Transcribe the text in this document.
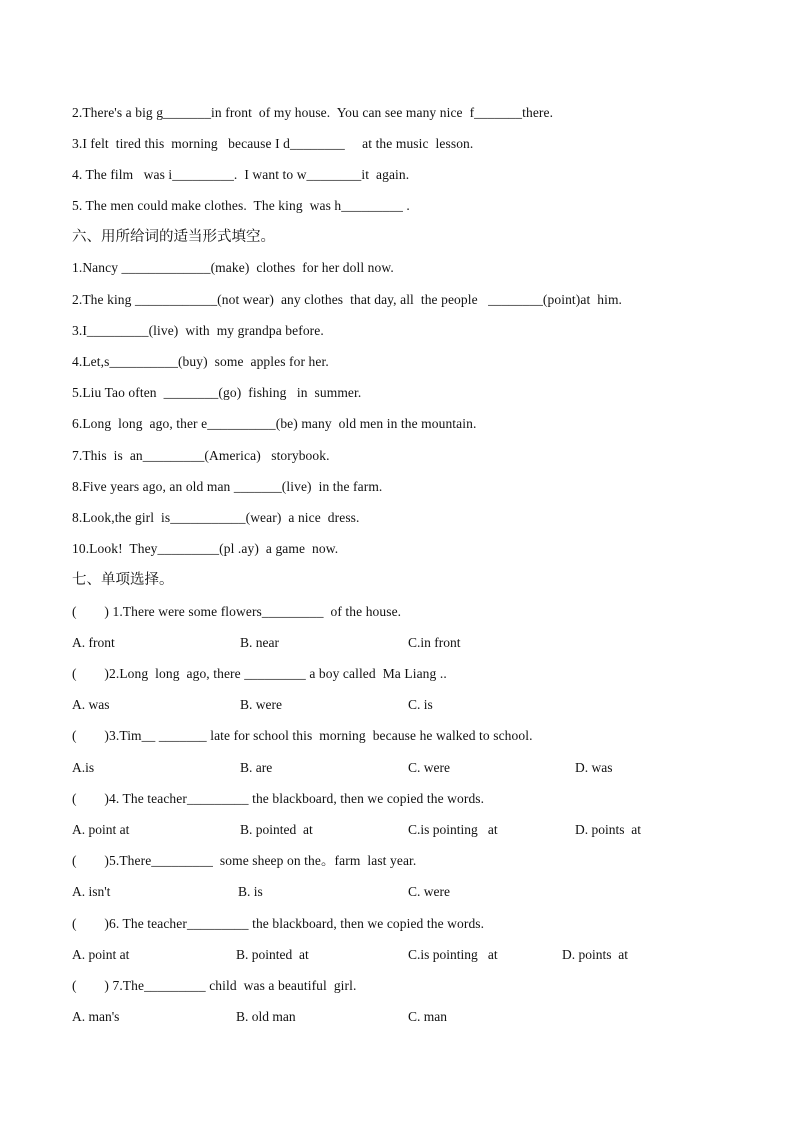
2.There's a big g_______in front  of my house.  You can see many nice  f_______there.
3.I felt  tired this  morning   because I d________     at the music  lesson.
4. The film   was i_________.  I want to w________it  again.
5. The men could make clothes.  The king  was h_________ .
六、用所给词的适当形式填空。
1.Nancy _____________(make)  clothes  for her doll now.
2.The king ____________(not wear)  any clothes  that day, all  the people   ________(point)at  him.
3.I_________(live)  with  my grandpa before.
4.Let,s__________(buy)  some  apples for her.
5.Liu Tao often  ________(go)  fishing   in  summer.
6.Long  long  ago, ther e__________(be) many  old men in the mountain.
7.This  is  an_________(America)   storybook.
8.Five years ago, an old man _______(live)  in the farm.
8.Look,the girl  is___________(wear)  a nice  dress.
10.Look!  They_________(pl .ay)  a game  now.
七、单项选择。
(        ) 1.There were some flowers_________  of the house.
A. front	B. near	C.in front
(        )2.Long  long  ago, there _________ a boy called  Ma Liang ..
A. was	B. were	C. is
(        )3.Tim__ _______ late for school this  morning  because he walked to school.
A.is	B. are	C. were	D. was
(        )4. The teacher_________ the blackboard, then we copied the words.
A. point at	B. pointed  at	C.is pointing   at	D. points  at
(        )5.There_________  some sheep on the。farm  last year.
A. isn't	B. is	C. were
(        )6. The teacher_________ the blackboard, then we copied the words.
A. point at	B. pointed  at	C.is pointing   at	D. points  at
(        ) 7.The_________ child  was a beautiful  girl.
A. man's	B. old man	C. man
